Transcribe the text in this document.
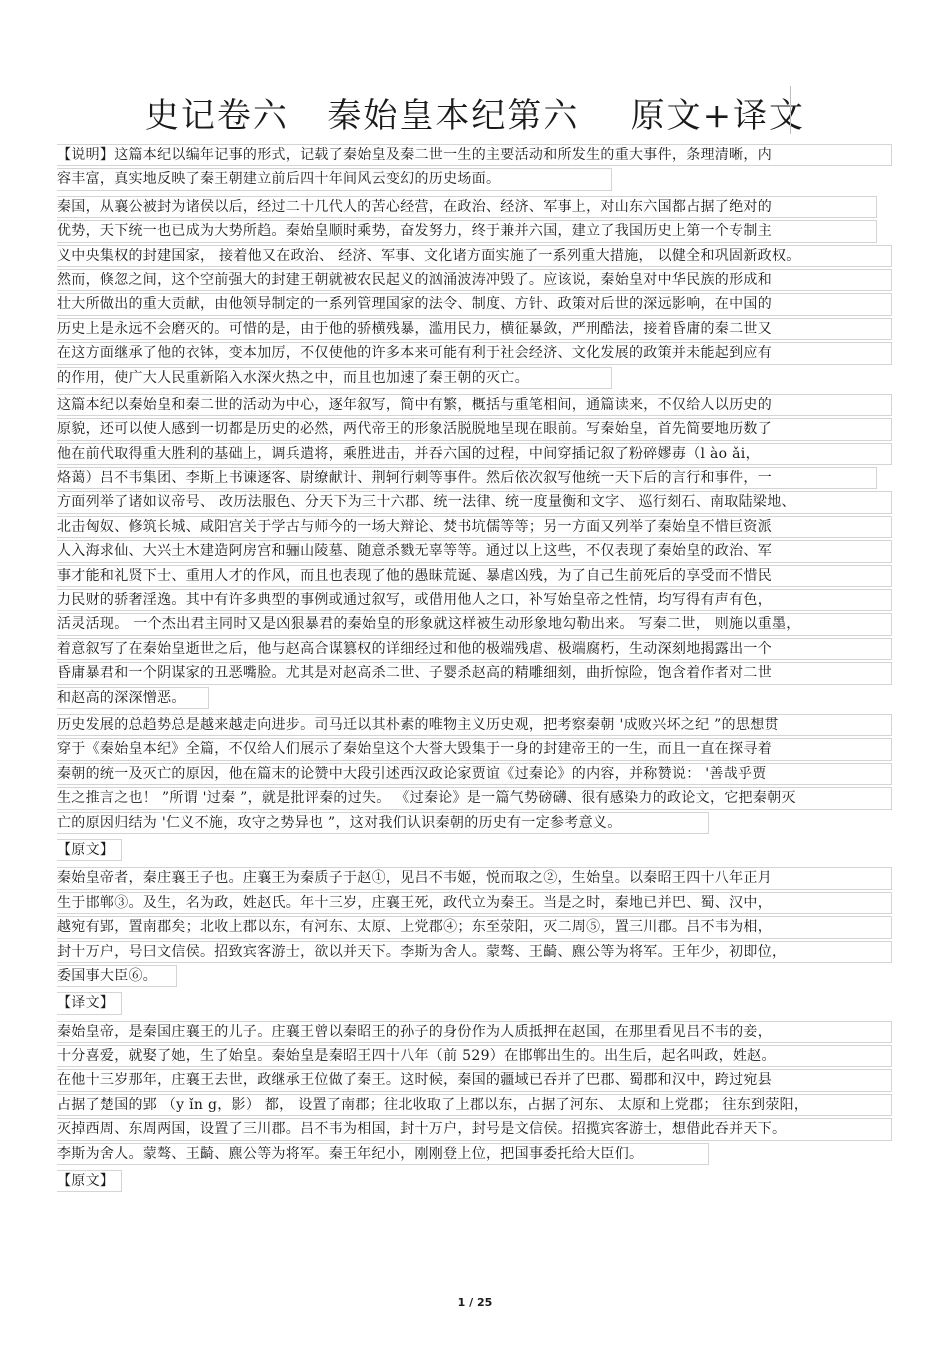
史记卷六   秦始皇本纪第六    原文+译文
【说明】这篇本纪以编年记事的形式，记载了秦始皇及秦二世一生的主要活动和所发生的重大事件，条理清晰，内
容丰富，真实地反映了秦王朝建立前后四十年间风云变幻的历史场面。
秦国，从襄公被封为诸侯以后，经过二十几代人的苦心经营，在政治、经济、军事上，对山东六国都占据了绝对的
优势，天下统一也已成为大势所趋。秦始皇顺时乘势，奋发努力，终于兼并六国，建立了我国历史上第一个专制主
义中央集权的封建国家， 接着他又在政治、 经济、军事、文化诸方面实施了一系列重大措施， 以健全和巩固新政权。
然而，倏忽之间，这个空前强大的封建王朝就被农民起义的汹涌波涛冲毁了。应该说，秦始皇对中华民族的形成和
壮大所做出的重大贡献，由他领导制定的一系列管理国家的法令、制度、方针、政策对后世的深远影响，在中国的
历史上是永远不会磨灭的。可惜的是，由于他的骄横残暴，滥用民力，横征暴敛，严刑酷法，接着昏庸的秦二世又
在这方面继承了他的衣钵，变本加厉，不仅使他的许多本来可能有利于社会经济、文化发展的政策并未能起到应有
的作用，使广大人民重新陷入水深火热之中，而且也加速了秦王朝的灭亡。
这篇本纪以秦始皇和秦二世的活动为中心，逐年叙写，简中有繁，概括与重笔相间，通篇读来，不仅给人以历史的
原貌，还可以使人感到一切都是历史的必然，两代帝王的形象活脱脱地呈现在眼前。写秦始皇，首先简要地历数了
他在前代取得重大胜利的基础上，调兵遣将，乘胜进击，并吞六国的过程，中间穿插记叙了粉碎嫪毐（l ào ǎi，
烙蔼）吕不韦集团、李斯上书谏逐客、尉缭献计、荆轲行刺等事件。然后依次叙写他统一天下后的言行和事件，一
方面列举了诸如议帝号、 改历法服色、分天下为三十六郡、统一法律、统一度量衡和文字、 巡行刻石、南取陆梁地、
北击匈奴、修筑长城、咸阳宫关于学古与师今的一场大辩论、焚书坑儒等等；另一方面又列举了秦始皇不惜巨资派
人入海求仙、大兴土木建造阿房宫和骊山陵墓、随意杀戮无辜等等。通过以上这些，不仅表现了秦始皇的政治、军
事才能和礼贤下士、重用人才的作风，而且也表现了他的愚昧荒诞、暴虐凶残，为了自己生前死后的享受而不惜民
力民财的骄奢淫逸。其中有许多典型的事例或通过叙写，或借用他人之口，补写始皇帝之性情，均写得有声有色，
活灵活现。 一个杰出君主同时又是凶狠暴君的秦始皇的形象就这样被生动形象地勾勒出来。 写秦二世， 则施以重墨，
着意叙写了在秦始皇逝世之后，他与赵高合谋篡权的详细经过和他的极端残虐、极端腐朽，生动深刻地揭露出一个
昏庸暴君和一个阴谋家的丑恶嘴脸。尤其是对赵高杀二世、子婴杀赵高的精雕细刻，曲折惊险，饱含着作者对二世
和赵高的深深憎恶。
历史发展的总趋势总是越来越走向进步。司马迁以其朴素的唯物主义历史观，把考察秦朝 '成败兴坏之纪 ”的思想贯
穿于《秦始皇本纪》全篇，不仅给人们展示了秦始皇这个大誉大毁集于一身的封建帝王的一生，而且一直在探寻着
秦朝的统一及灭亡的原因，他在篇末的论赞中大段引述西汉政论家贾谊《过秦论》的内容，并称赞说： '善哉乎贾
生之推言之也！ ”所谓 '过秦 ”，就是批评秦的过失。 《过秦论》是一篇气势磅礴、很有感染力的政论文，它把秦朝灭
亡的原因归结为 '仁义不施，攻守之势异也 ”，这对我们认识秦朝的历史有一定参考意义。
【原文】
秦始皇帝者，秦庄襄王子也。庄襄王为秦质子于赵①，见吕不韦姬，悦而取之②，生始皇。以秦昭王四十八年正月
生于邯郸③。及生，名为政，姓赵氏。年十三岁，庄襄王死，政代立为秦王。当是之时，秦地已并巴、蜀、汉中，
越宛有郢，置南郡矣；北收上郡以东，有河东、太原、上党郡④；东至荥阳，灭二周⑤，置三川郡。吕不韦为相，
封十万户，号曰文信侯。招致宾客游士，欲以并天下。李斯为舍人。蒙骜、王齮、麃公等为将军。王年少，初即位，
委国事大臣⑥。
【译文】
秦始皇帝，是秦国庄襄王的儿子。庄襄王曾以秦昭王的孙子的身份作为人质抵押在赵国，在那里看见吕不韦的妾，
十分喜爱，就娶了她，生了始皇。秦始皇是秦昭王四十八年（前 529）在邯郸出生的。出生后，起名叫政，姓赵。
在他十三岁那年，庄襄王去世，政继承王位做了秦王。这时候，秦国的疆域已吞并了巴郡、蜀郡和汉中，跨过宛县
占据了楚国的郢 （y ǐn g，影） 都， 设置了南郡；往北收取了上郡以东，占据了河东、 太原和上党郡； 往东到荥阳，
灭掉西周、东周两国，设置了三川郡。吕不韦为相国，封十万户，封号是文信侯。招揽宾客游士，想借此吞并天下。
李斯为舍人。蒙骜、王齮、麃公等为将军。秦王年纪小，刚刚登上位，把国事委托给大臣们。
【原文】
1 / 25
